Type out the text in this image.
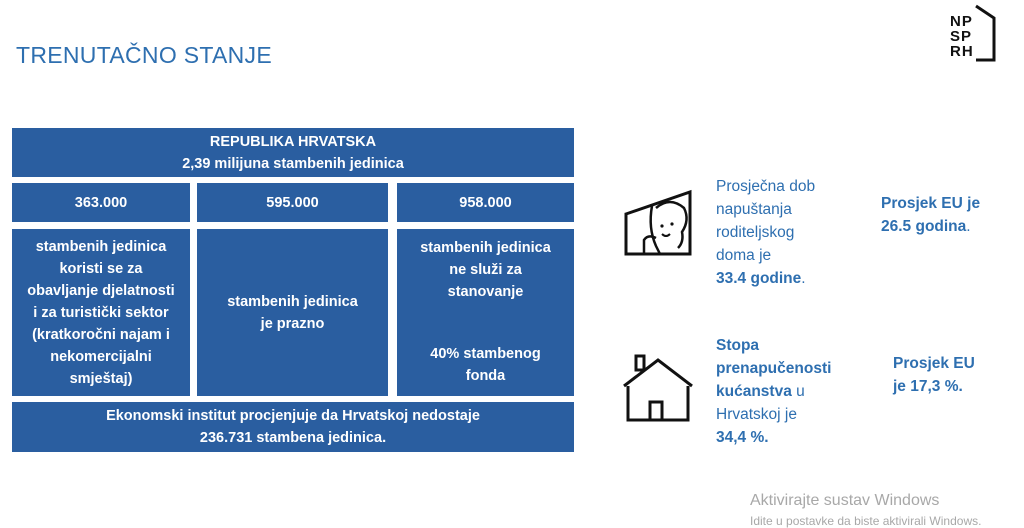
TRENUTAČNO STANJE
NP
SP
RH
REPUBLIKA HRVATSKA
2,39 milijuna stambenih jedinica
363.000	595.000	958.000
stambenih jedinica
koristi se za
obavljanje djelatnosti
i za turistički sektor
(kratkoročni najam i
nekomercijalni
smještaj)
stambenih jedinica
je prazno
stambenih jedinica
ne služi za
stanovanje
40% stambenog
fonda
Ekonomski institut procjenjuje da Hrvatskoj nedostaje
236.731 stambena jedinica.
Prosječna dob
napuštanja
roditeljskog
doma je
33.4 godine.
Prosjek EU je
26.5 godina.
Stopa
prenapučenosti
kućanstva u
Hrvatskoj je
34,4 %.
Prosjek EU
je 17,3 %.
Aktivirajte sustav Windows
Idite u postavke da biste aktivirali Windows.
